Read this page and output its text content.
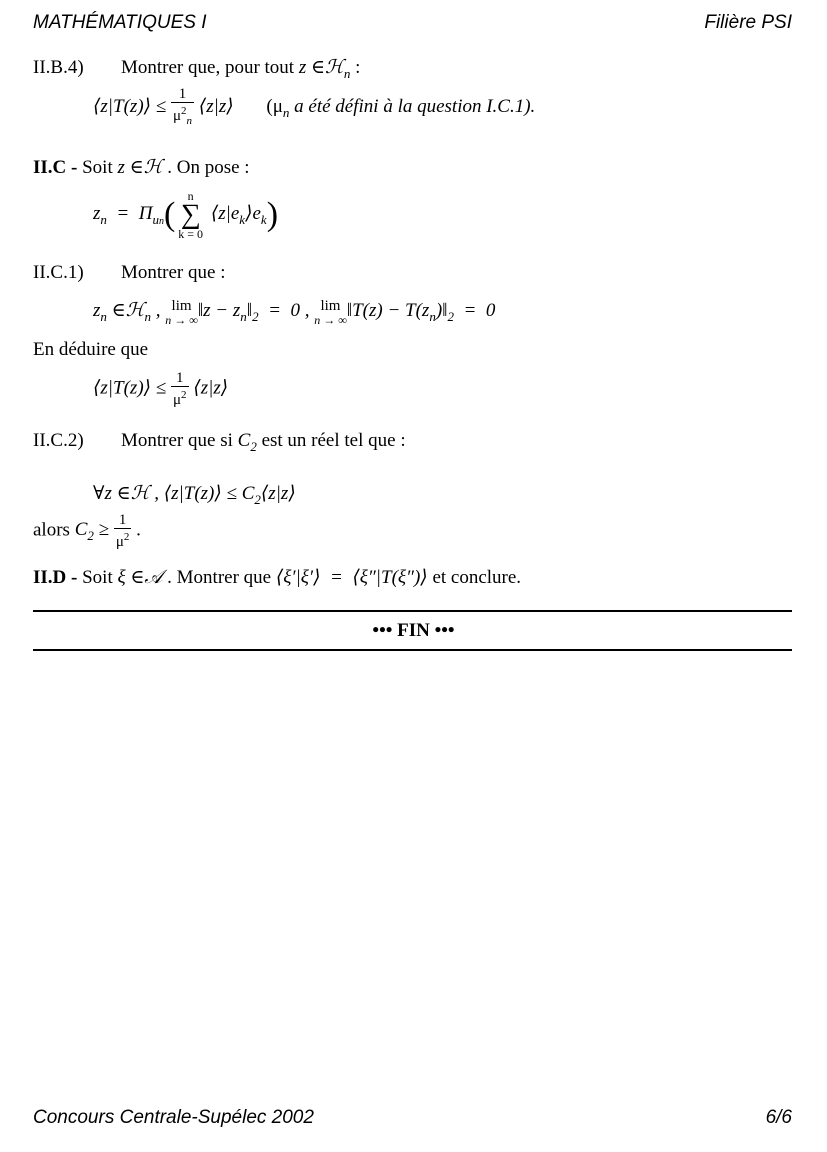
MATHÉMATIQUES I	Filière PSI
II.B.4) Montrer que, pour tout z ∈ℋ$_n$ :
⟨z|T(z)⟩ ≤ $\frac{1}{\mu^2_n}$ ⟨z|z⟩ ($\mu_n$ a été défini à la question I.C.1).
II.C - Soit z ∈ℋ . On pose :
$z_n = \Pi_{un}$(	n
∑
k = 0
$⟨z|e_k⟩e_k$)
II.C.1) Montrer que :
$z_n$ ∈ℋ$_n$ , lim
n → ∞ ‖z − $z_n‖_2 = 0$ , lim
n → ∞ ‖T(z) − $T(z_n)‖_2 = 0$
En déduire que
⟨z|T(z)⟩ ≤ $\frac{1}{\mu^2}$ ⟨z|z⟩
II.C.2) Montrer que si $C_2$ est un réel tel que :
∀z ∈ℋ , ⟨z|T(z)⟩ ≤ $C_2⟨z|z⟩$
alors $C_2 \ge \frac{1}{\mu^2}$ .
II.D - Soit ξ ∈𝒜 . Montrer que ⟨ξ′|ξ′⟩  =  ⟨ξ″|T(ξ″)⟩ et conclure.
••• FIN •••
Concours Centrale-Supélec 2002	6/6
